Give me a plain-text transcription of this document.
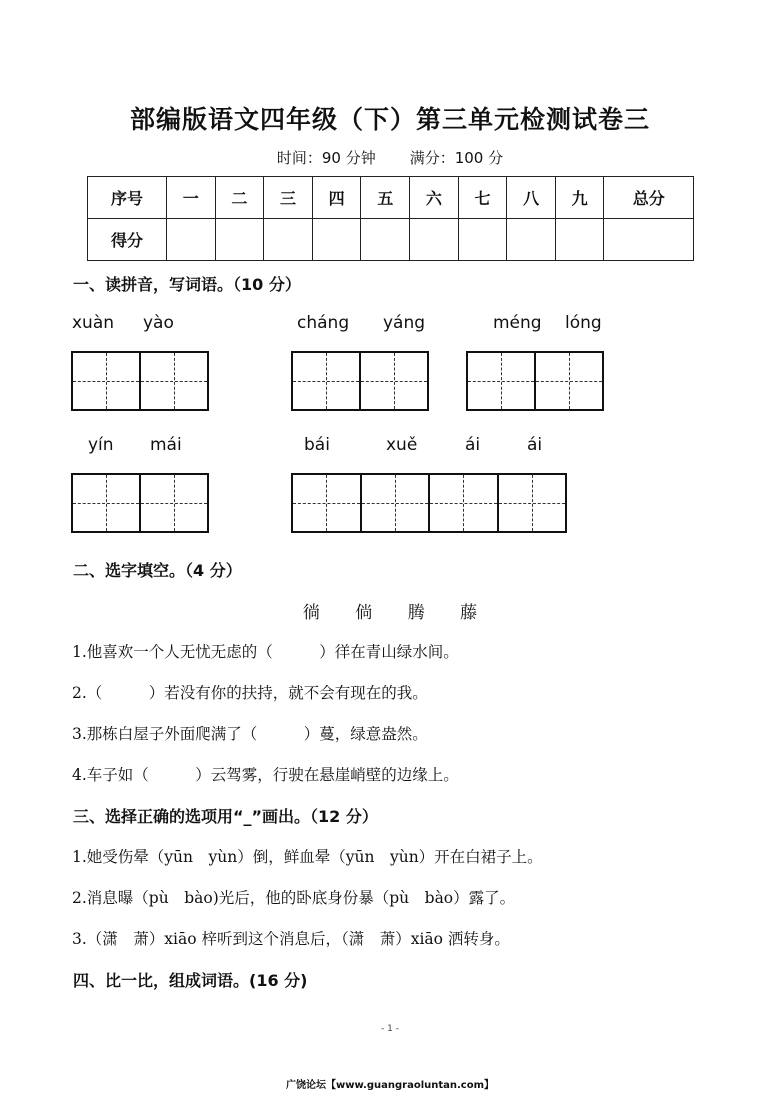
部编版语文四年级（下）第三单元检测试卷三
时间：90 分钟 满分：100 分
序号	一	二	三	四	五	六	七	八	九	总分
得分										
一、读拼音，写词语。（10 分）
xuàn yào	cháng yáng	méng lóng
yín mái	bái	xuě	ái	ái
二、选字填空。（4 分）
徜 倘 腾 藤
1.他喜欢一个人无忧无虑的（　　　）徉在青山绿水间。
2.（　　　）若没有你的扶持，就不会有现在的我。
3.那栋白屋子外面爬满了（　　　）蔓，绿意盎然。
4.车子如（　　　）云驾雾，行驶在悬崖峭壁的边缘上。
三、选择正确的选项用“_”画出。（12 分）
1.她受伤晕（yūn　yùn）倒，鲜血晕（yūn　yùn）开在白裙子上。
2.消息曝（pù　bào)光后，他的卧底身份暴（pù　bào）露了。
3.（潇　萧）xiāo 梓听到这个消息后，（潇　萧）xiāo 洒转身。
四、比一比，组成词语。(16 分)
- 1 -
广饶论坛【www.guangraoluntan.com】
